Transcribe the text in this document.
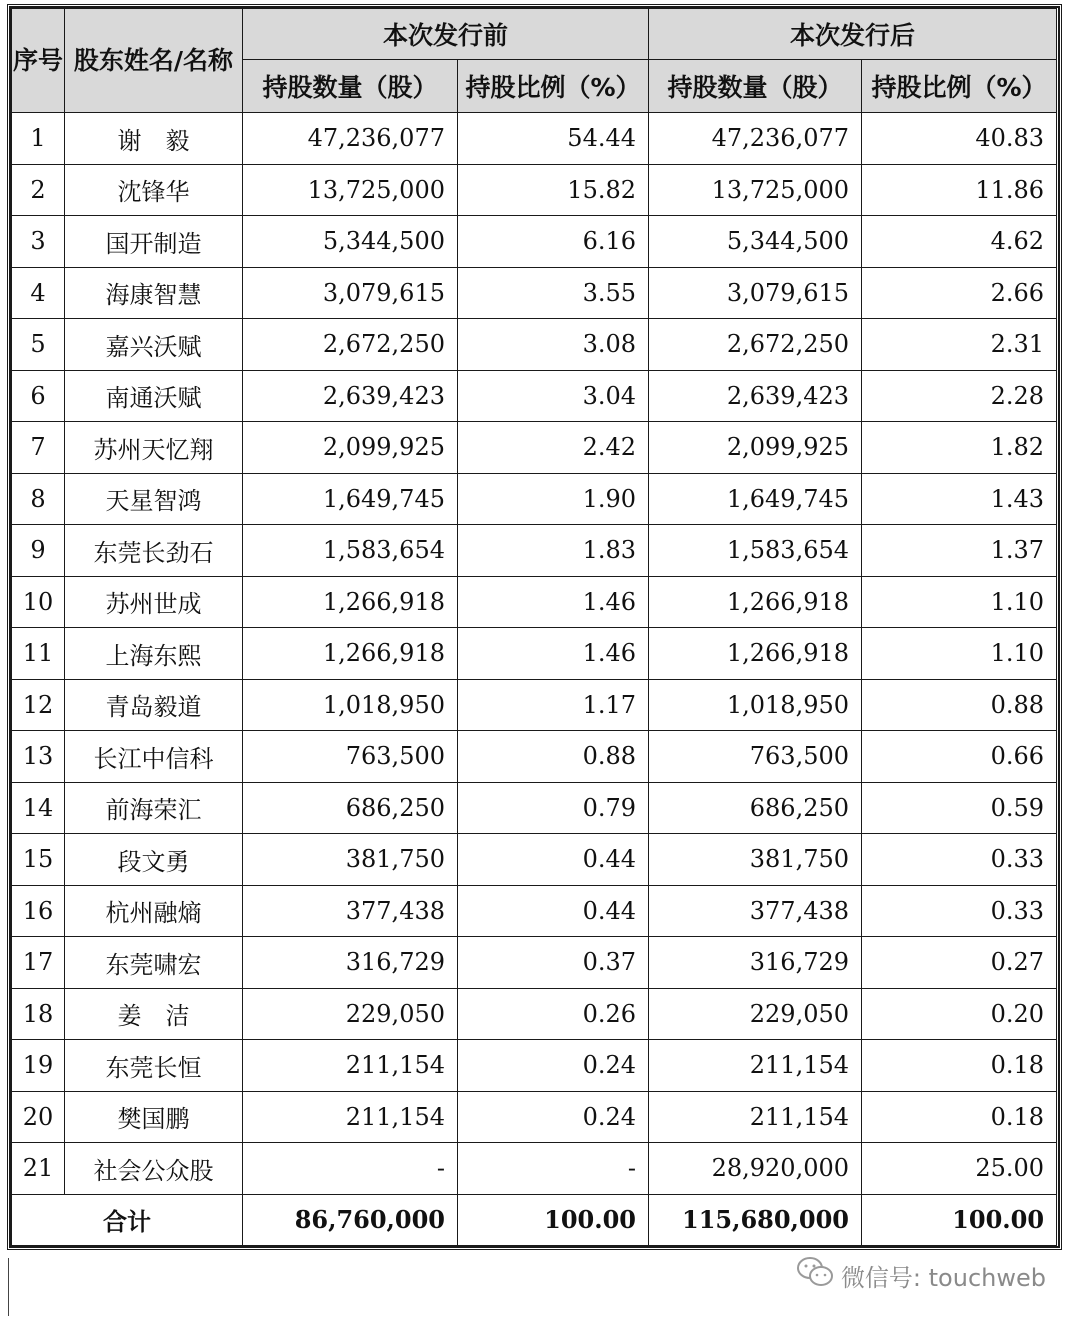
序号	股东姓名/名称	本次发行前		本次发行后	
		持股数量（股）	持股比例（%）	持股数量（股）	持股比例（%）
1	谢　毅	47,236,077	54.44	47,236,077	40.83
2	沈锋华	13,725,000	15.82	13,725,000	11.86
3	国开制造	5,344,500	6.16	5,344,500	4.62
4	海康智慧	3,079,615	3.55	3,079,615	2.66
5	嘉兴沃赋	2,672,250	3.08	2,672,250	2.31
6	南通沃赋	2,639,423	3.04	2,639,423	2.28
7	苏州天忆翔	2,099,925	2.42	2,099,925	1.82
8	天星智鸿	1,649,745	1.90	1,649,745	1.43
9	东莞长劲石	1,583,654	1.83	1,583,654	1.37
10	苏州世成	1,266,918	1.46	1,266,918	1.10
11	上海东熙	1,266,918	1.46	1,266,918	1.10
12	青岛毅道	1,018,950	1.17	1,018,950	0.88
13	长江中信科	763,500	0.88	763,500	0.66
14	前海荣汇	686,250	0.79	686,250	0.59
15	段文勇	381,750	0.44	381,750	0.33
16	杭州融熵	377,438	0.44	377,438	0.33
17	东莞啸宏	316,729	0.37	316,729	0.27
18	姜　洁	229,050	0.26	229,050	0.20
19	东莞长恒	211,154	0.24	211,154	0.18
20	樊国鹏	211,154	0.24	211,154	0.18
21	社会公众股	-	-	28,920,000	25.00
合计		86,760,000	100.00	115,680,000	100.00
微信号: touchweb
